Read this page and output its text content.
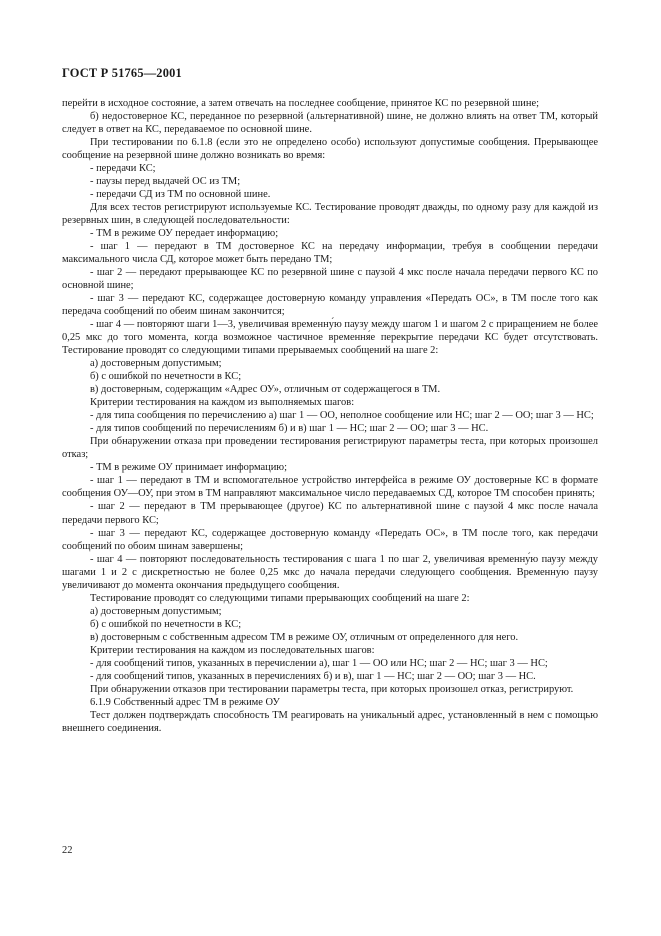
ГОСТ Р 51765—2001

перейти в исходное состояние, а затем отвечать на последнее сообщение, принятое КС по резервной шине;

б) недостоверное КС, переданное по резервной (альтернативной) шине, не должно влиять на ответ ТМ, который следует в ответ на КС, передаваемое по основной шине.

При тестировании по 6.1.8 (если это не определено особо) используют допустимые сообщения. Прерывающее сообщение на резервной шине должно возникать во время:

- передачи КС;

- паузы перед выдачей ОС из ТМ;

- передачи СД из ТМ по основной шине.

Для всех тестов регистрируют используемые КС. Тестирование проводят дважды, по одному разу для каждой из резервных шин, в следующей последовательности:

- ТМ в режиме ОУ передает информацию;

- шаг 1 — передают в ТМ достоверное КС на передачу информации, требуя в сообщении передачи максимального числа СД, которое может быть передано ТМ;

- шаг 2 — передают прерывающее КС по резервной шине с паузой 4 мкс после начала передачи первого КС по основной шине;

- шаг 3 — передают КС, содержащее достоверную команду управления «Передать ОС», в ТМ после того как передача сообщений по обеим шинам закончится;

- шаг 4 — повторяют шаги 1—3, увеличивая временну́ю паузу между шагом 1 и шагом 2 с приращением не более 0,25 мкс до того момента, когда возможное частичное времення́е перекрытие передачи КС будет отсутствовать. Тестирование проводят со следующими типами прерываемых сообщений на шаге 2:

а) достоверным допустимым;

б) с ошибкой по нечетности в КС;

в) достоверным, содержащим «Адрес ОУ», отличным от содержащегося в ТМ.

Критерии тестирования на каждом из выполняемых шагов:

- для типа сообщения по перечислению а) шаг 1 — ОО, неполное сообщение или НС; шаг 2 — ОО; шаг 3 — НС;

- для типов сообщений по перечислениям б) и в) шаг 1 — НС; шаг 2 — ОО; шаг 3 — НС.

При обнаружении отказа при проведении тестирования регистрируют параметры теста, при которых произошел отказ;

- ТМ в режиме ОУ принимает информацию;

- шаг 1 — передают в ТМ и вспомогательное устройство интерфейса в режиме ОУ достоверные КС в формате сообщения ОУ—ОУ, при этом в ТМ направляют максимальное число передаваемых СД, которое ТМ способен принять;

- шаг 2 — передают в ТМ прерывающее (другое) КС по альтернативной шине с паузой 4 мкс после начала передачи первого КС;

- шаг 3 — передают КС, содержащее достоверную команду «Передать ОС», в ТМ после того, как передачи сообщений по обоим шинам завершены;

- шаг 4 — повторяют последовательность тестирования с шага 1 по шаг 2, увеличивая временну́ю паузу между шагами 1 и 2 с дискретностью не более 0,25 мкс до начала передачи следующего сообщения. Временну́ю паузу увеличивают до момента окончания предыдущего сообщения.

Тестирование проводят со следующими типами прерывающих сообщений на шаге 2:

а) достоверным допустимым;

б) с ошибкой по нечетности в КС;

в) достоверным с собственным адресом ТМ в режиме ОУ, отличным от определенного для него.

Критерии тестирования на каждом из последовательных шагов:

- для сообщений типов, указанных в перечислении а), шаг 1 — ОО или НС; шаг 2 — НС; шаг 3 — НС;

- для сообщений типов, указанных в перечислениях б) и в), шаг 1 — НС; шаг 2 — ОО; шаг 3 — НС.

При обнаружении отказов при тестировании параметры теста, при которых произошел отказ, регистрируют.

6.1.9 Собственный адрес ТМ в режиме ОУ

Тест должен подтверждать способность ТМ реагировать на уникальный адрес, установленный в нем с помощью внешнего соединения.

22
